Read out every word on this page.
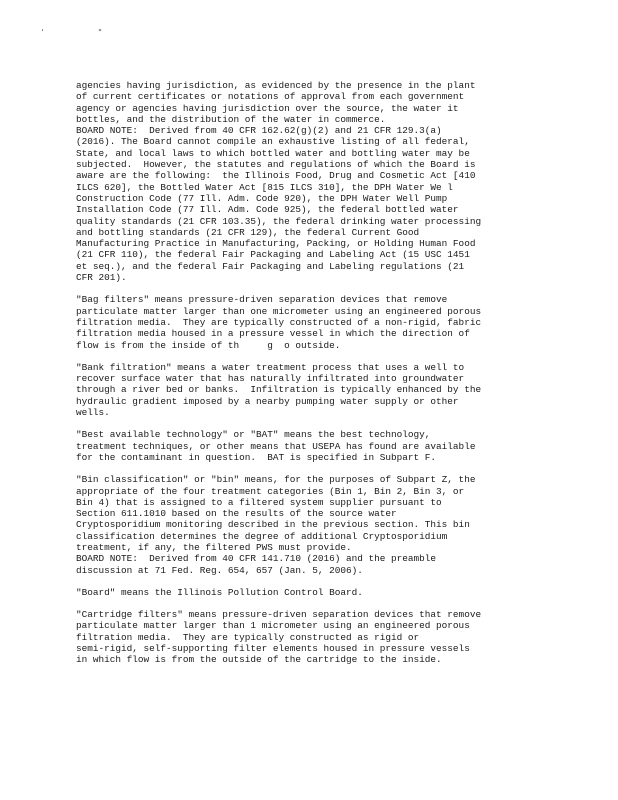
' "
agencies having jurisdiction, as evidenced by the presence in the plant
of current certificates or notations of approval from each government
agency or agencies having jurisdiction over the source, the water it
bottles, and the distribution of the water in commerce.
BOARD NOTE:  Derived from 40 CFR 162.62(g)(2) and 21 CFR 129.3(a)
(2016). The Board cannot compile an exhaustive listing of all federal,
State, and local laws to which bottled water and bottling water may be
subjected.  However, the statutes and regulations of which the Board is
aware are the following:  the Illinois Food, Drug and Cosmetic Act [410
ILCS 620], the Bottled Water Act [815 ILCS 310], the DPH Water We l
Construction Code (77 Ill. Adm. Code 920), the DPH Water Well Pump
Installation Code (77 Ill. Adm. Code 925), the federal bottled water
quality standards (21 CFR 103.35), the federal drinking water processing
and bottling standards (21 CFR 129), the federal Current Good
Manufacturing Practice in Manufacturing, Packing, or Holding Human Food
(21 CFR 110), the federal Fair Packaging and Labeling Act (15 USC 1451
et seq.), and the federal Fair Packaging and Labeling regulations (21
CFR 201).
"Bag filters" means pressure-driven separation devices that remove
particulate matter larger than one micrometer using an engineered porous
filtration media.  They are typically constructed of a non-rigid, fabric
filtration media housed in a pressure vessel in which the direction of
flow is from the inside of th     g  o outside.
"Bank filtration" means a water treatment process that uses a well to
recover surface water that has naturally infiltrated into groundwater
through a river bed or banks.  Infiltration is typically enhanced by the
hydraulic gradient imposed by a nearby pumping water supply or other
wells.
"Best available technology" or "BAT" means the best technology,
treatment techniques, or other means that USEPA has found are available
for the contaminant in question.  BAT is specified in Subpart F.
"Bin classification" or "bin" means, for the purposes of Subpart Z, the
appropriate of the four treatment categories (Bin 1, Bin 2, Bin 3, or
Bin 4) that is assigned to a filtered system supplier pursuant to
Section 611.1010 based on the results of the source water
Cryptosporidium monitoring described in the previous section. This bin
classification determines the degree of additional Cryptosporidium
treatment, if any, the filtered PWS must provide.
BOARD NOTE:  Derived from 40 CFR 141.710 (2016) and the preamble
discussion at 71 Fed. Reg. 654, 657 (Jan. 5, 2006).
"Board" means the Illinois Pollution Control Board.
"Cartridge filters" means pressure-driven separation devices that remove
particulate matter larger than 1 micrometer using an engineered porous
filtration media.  They are typically constructed as rigid or
semi-rigid, self-supporting filter elements housed in pressure vessels
in which flow is from the outside of the cartridge to the inside.
